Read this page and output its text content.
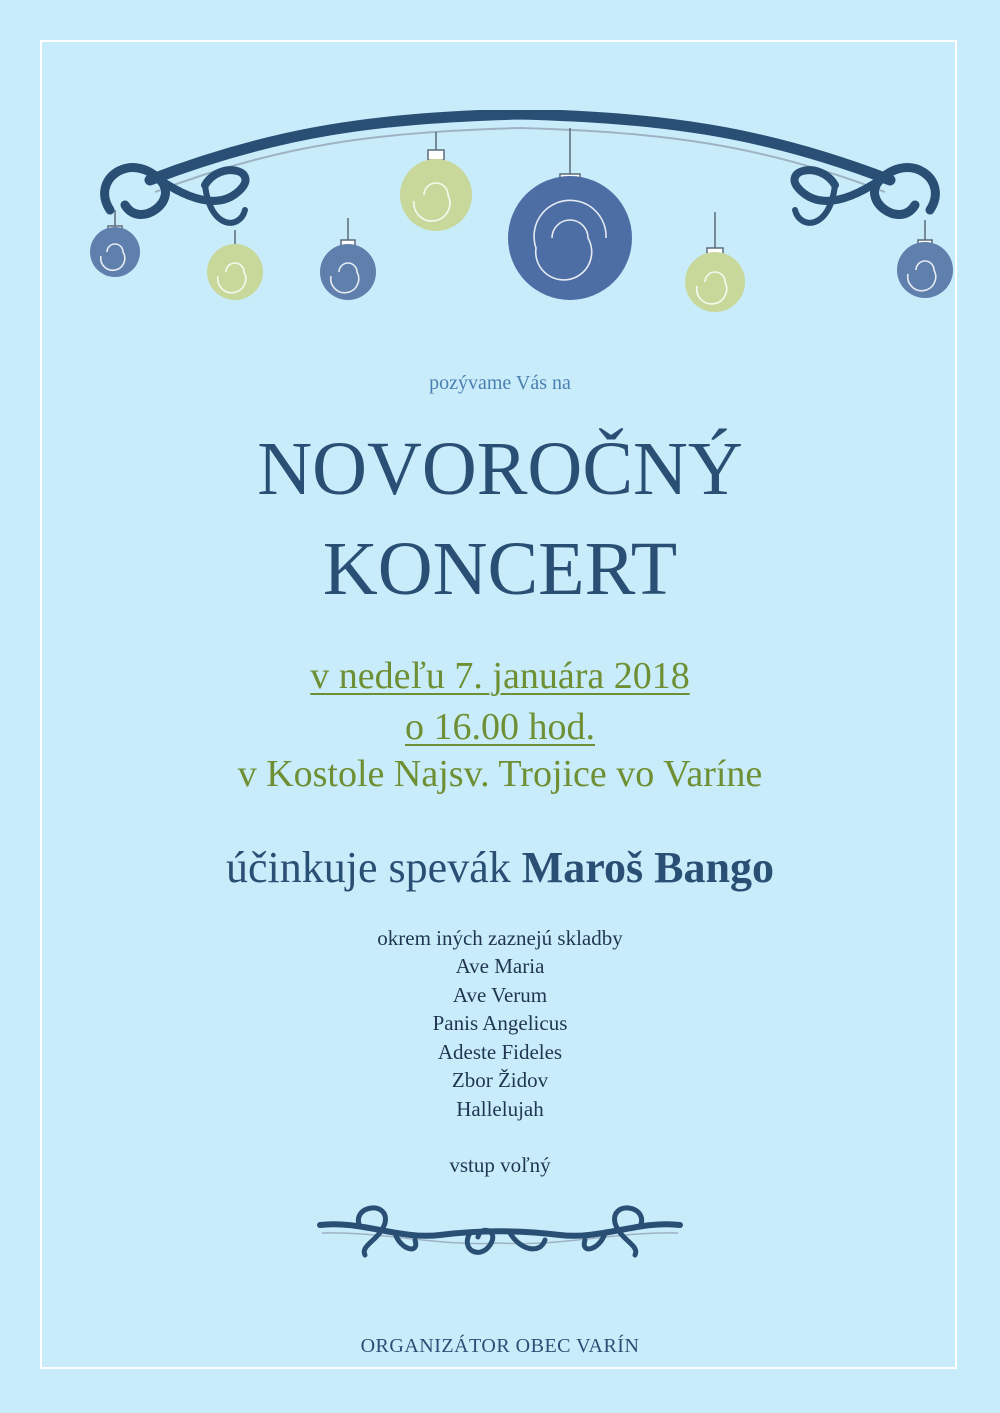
pozývame Vás na
NOVOROČNÝ
KONCERT
v nedeľu 7. januára 2018
o 16.00 hod.
v Kostole Najsv. Trojice vo Varíne
účinkuje spevák Maroš Bango
okrem iných zaznejú skladby
Ave Maria
Ave Verum
Panis Angelicus
Adeste Fideles
Zbor Židov
Hallelujah
vstup voľný
ORGANIZÁTOR OBEC VARÍN
